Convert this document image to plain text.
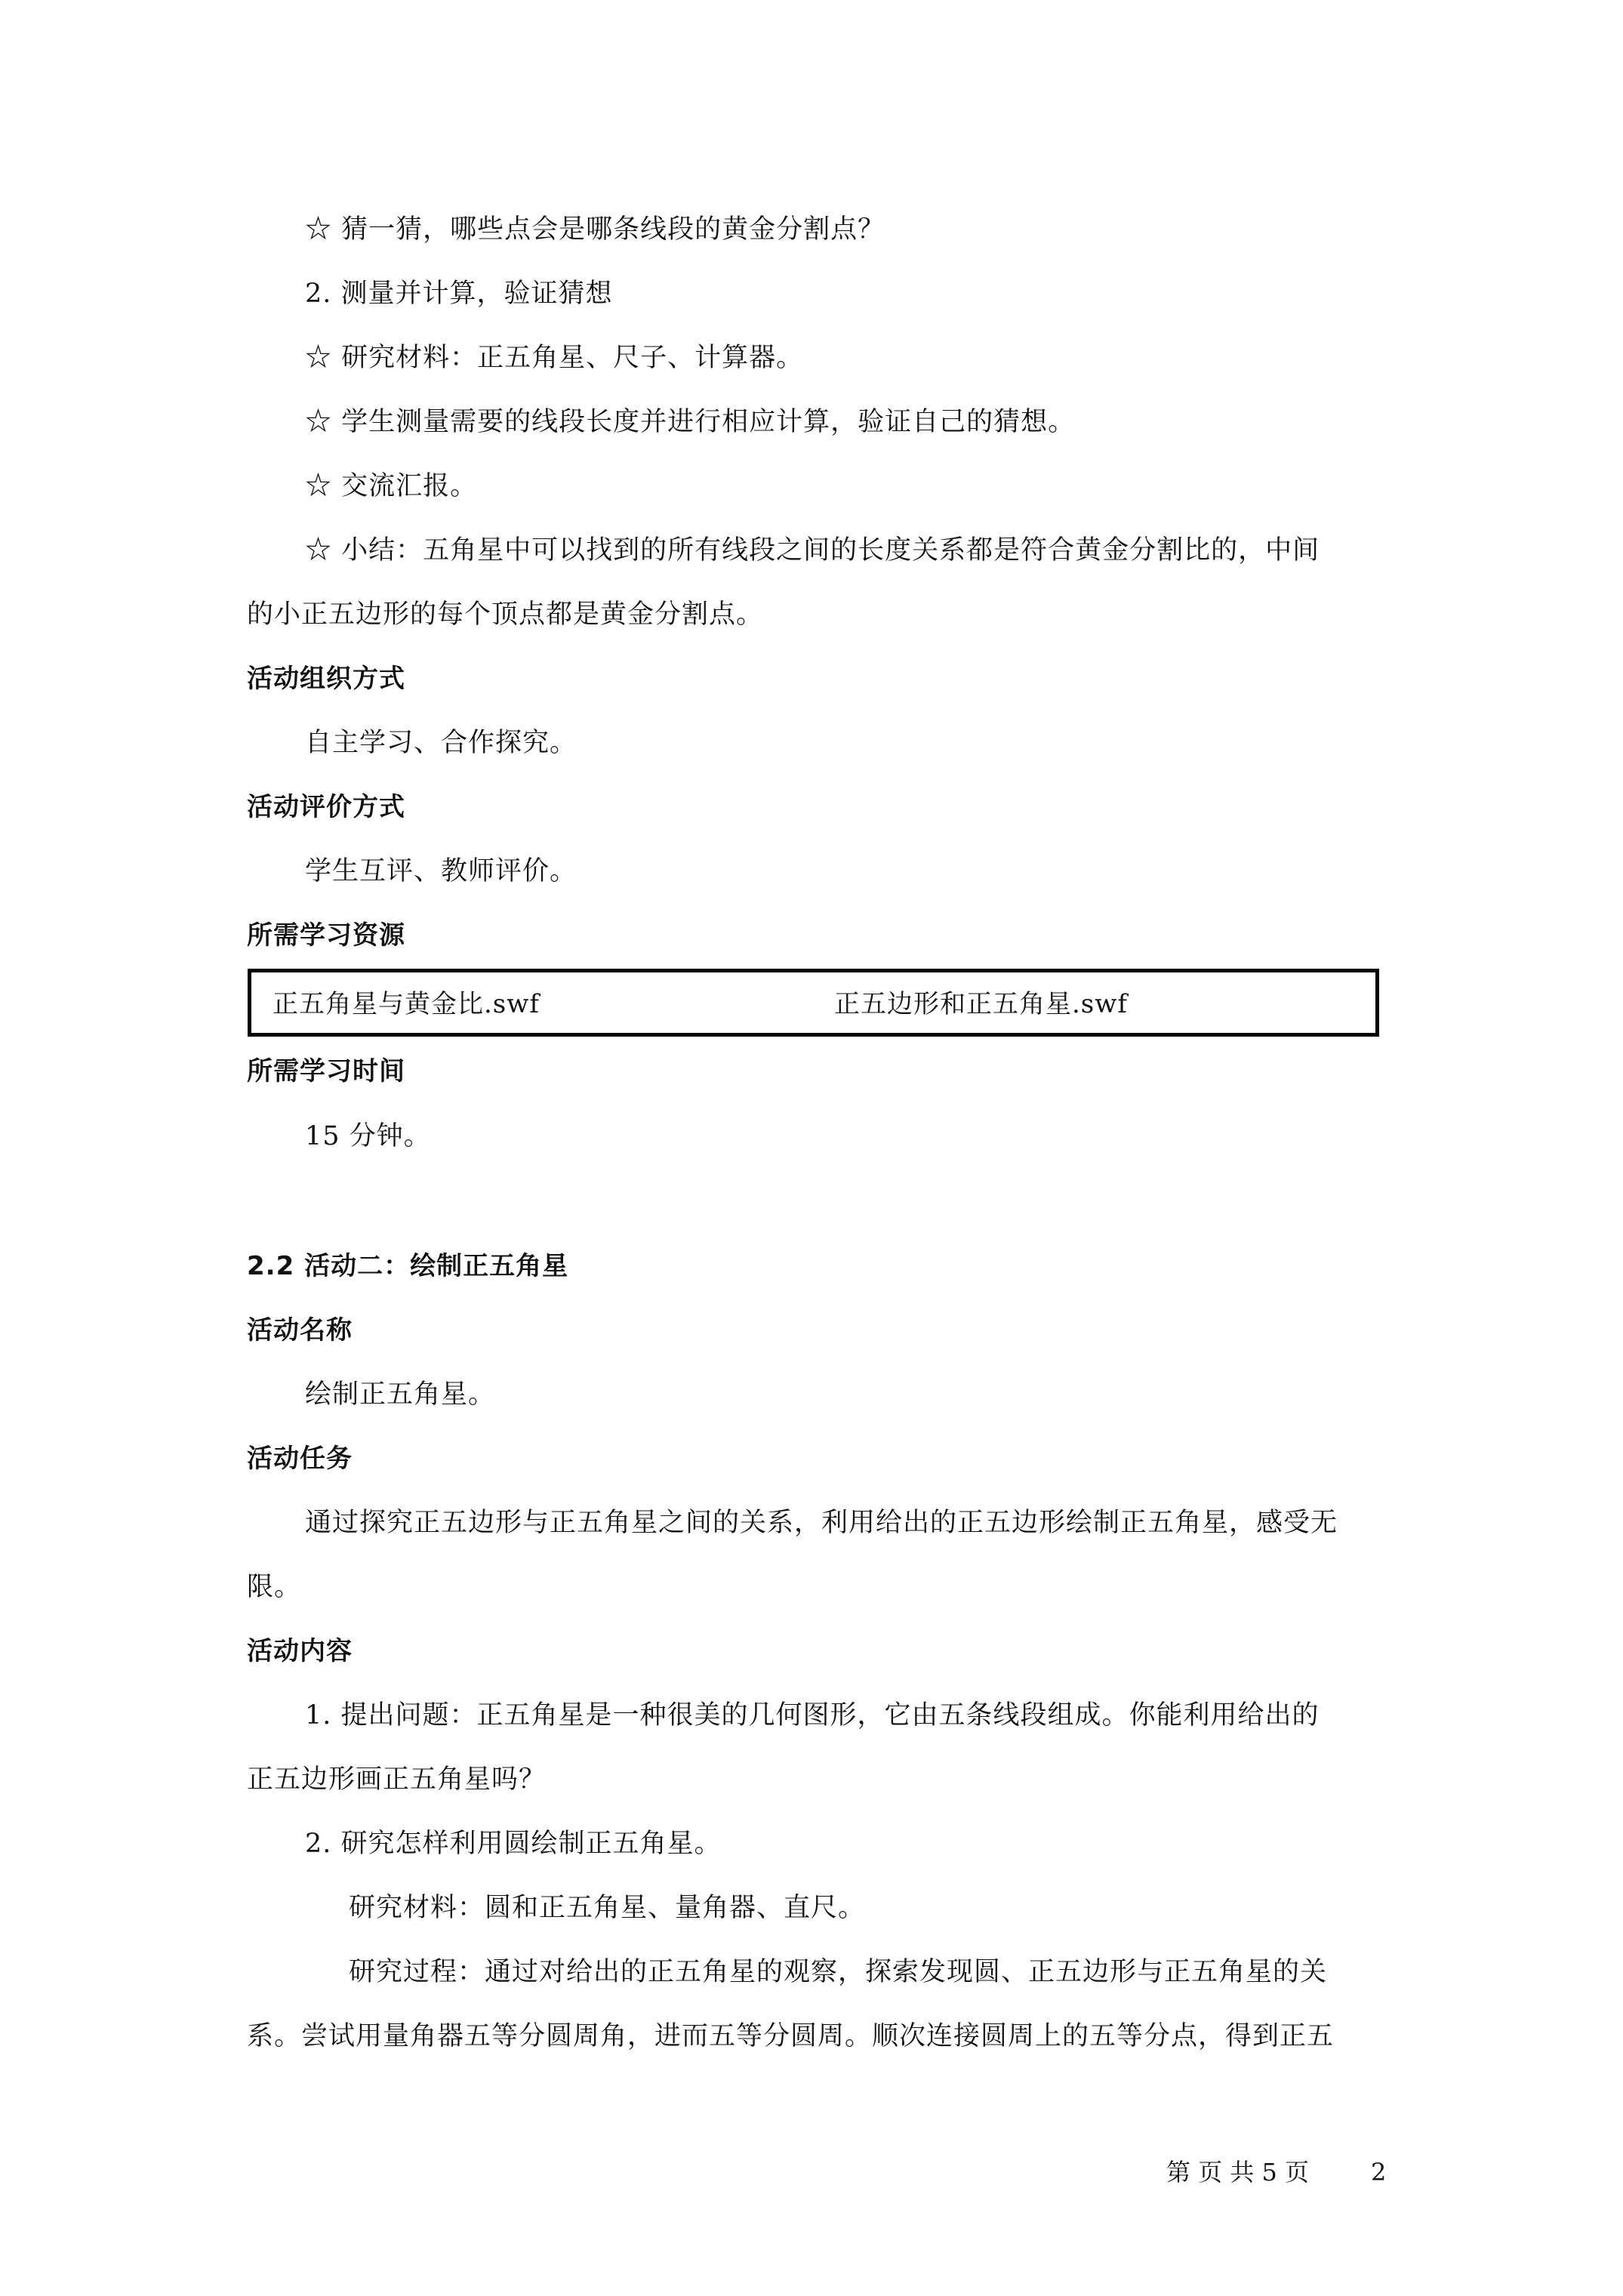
☆ 猜一猜，哪些点会是哪条线段的黄金分割点？
2. 测量并计算，验证猜想
☆ 研究材料：正五角星、尺子、计算器。
☆ 学生测量需要的线段长度并进行相应计算，验证自己的猜想。
☆ 交流汇报。
☆ 小结：五角星中可以找到的所有线段之间的长度关系都是符合黄金分割比的，中间
的小正五边形的每个顶点都是黄金分割点。
活动组织方式
自主学习、合作探究。
活动评价方式
学生互评、教师评价。
所需学习资源
正五角星与黄金比.swf	正五边形和正五角星.swf
所需学习时间
15 分钟。
2.2 活动二：绘制正五角星
活动名称
绘制正五角星。
活动任务
通过探究正五边形与正五角星之间的关系，利用给出的正五边形绘制正五角星，感受无
限。
活动内容
1. 提出问题：正五角星是一种很美的几何图形，它由五条线段组成。你能利用给出的
正五边形画正五角星吗？
2. 研究怎样利用圆绘制正五角星。
研究材料：圆和正五角星、量角器、直尺。
研究过程：通过对给出的正五角星的观察，探索发现圆、正五边形与正五角星的关
系。尝试用量角器五等分圆周角，进而五等分圆周。顺次连接圆周上的五等分点，得到正五
第 页 共 5 页	2
